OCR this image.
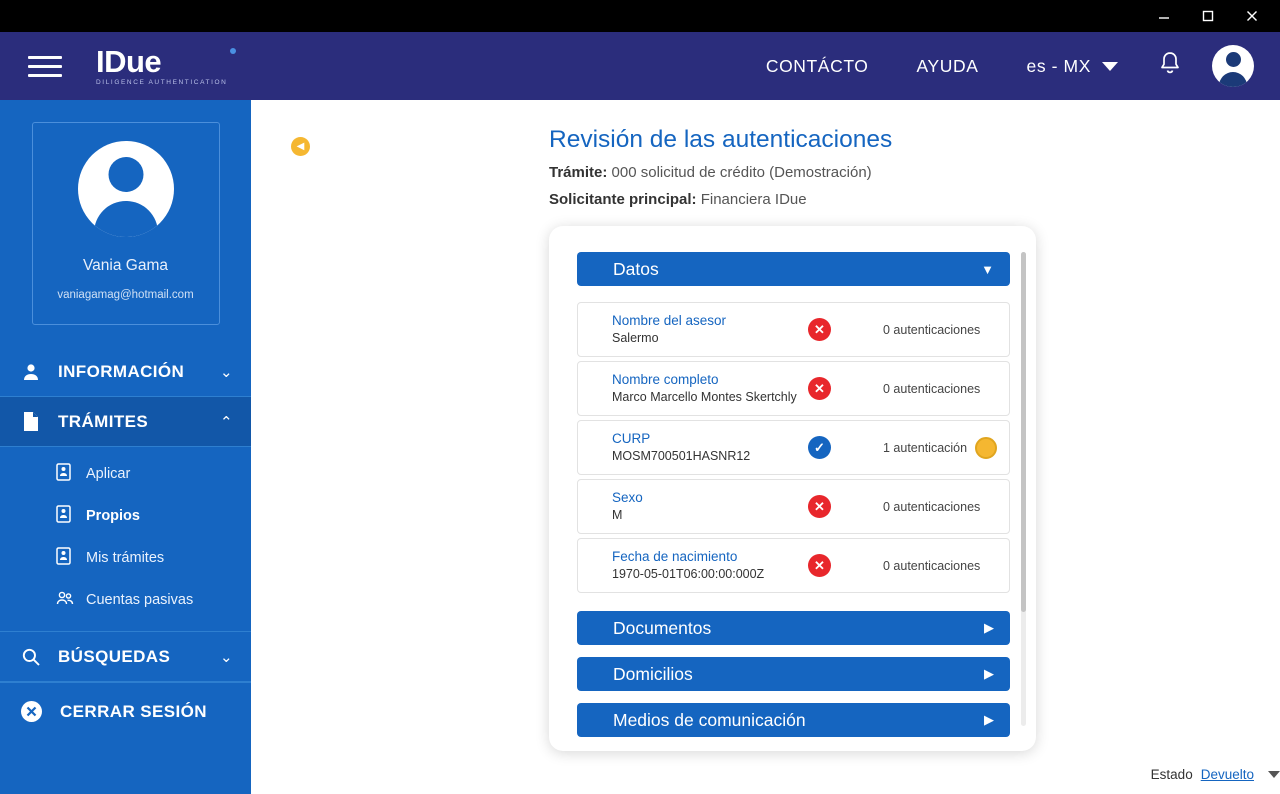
IDue
DILIGENCE AUTHENTICATION
CONTÁCTO	AYUDA	es - MX
Vania Gama
vaniagamag@hotmail.com
INFORMACIÓN ⌄
TRÁMITES	⌃
Aplicar
Propios
Mis trámites
Cuentas pasivas
BÚSQUEDAS	⌄
CERRAR SESIÓN
◀	Revisión de las autenticaciones
Trámite: 000 solicitud de crédito (Demostración)
Solicitante principal: Financiera IDue
Datos	▼
Nombre del asesor
Salermo
✕	0 autenticaciones
Nombre completo
Marco Marcello Montes Skertchly
✕	0 autenticaciones
CURP
MOSM700501HASNR12
✓	1 autenticación
Sexo
M
✕	0 autenticaciones
Fecha de nacimiento
1970-05-01T06:00:00:000Z
✕	0 autenticaciones
Documentos	▶
Domicilios	▶
Medios de comunicación	▶
Estado Devuelto
